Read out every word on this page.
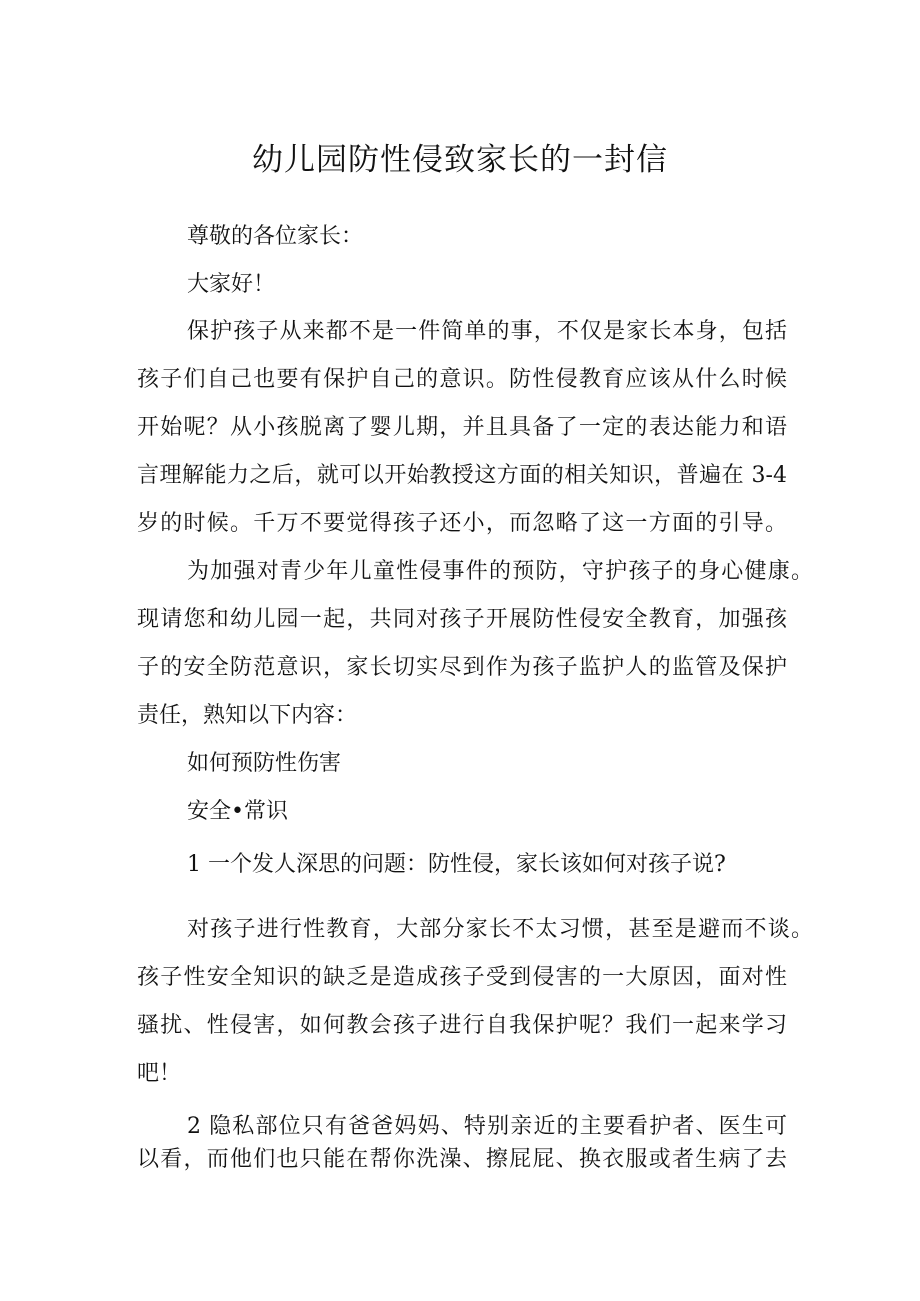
幼儿园防性侵致家长的一封信

尊敬的各位家长：

大家好！

保护孩子从来都不是一件简单的事，不仅是家长本身，包括

孩子们自己也要有保护自己的意识。防性侵教育应该从什么时候

开始呢？从小孩脱离了婴儿期，并且具备了一定的表达能力和语

言理解能力之后，就可以开始教授这方面的相关知识，普遍在 3-4

岁的时候。千万不要觉得孩子还小，而忽略了这一方面的引导。

为加强对青少年儿童性侵事件的预防，守护孩子的身心健康。

现请您和幼儿园一起，共同对孩子开展防性侵安全教育，加强孩

子的安全防范意识，家长切实尽到作为孩子监护人的监管及保护

责任，熟知以下内容：

如何预防性伤害

安全•常识

1 一个发人深思的问题：防性侵，家长该如何对孩子说?

对孩子进行性教育，大部分家长不太习惯，甚至是避而不谈。

孩子性安全知识的缺乏是造成孩子受到侵害的一大原因，面对性

骚扰、性侵害，如何教会孩子进行自我保护呢？我们一起来学习

吧！

2 隐私部位只有爸爸妈妈、特别亲近的主要看护者、医生可

以看，而他们也只能在帮你洗澡、擦屁屁、换衣服或者生病了去
